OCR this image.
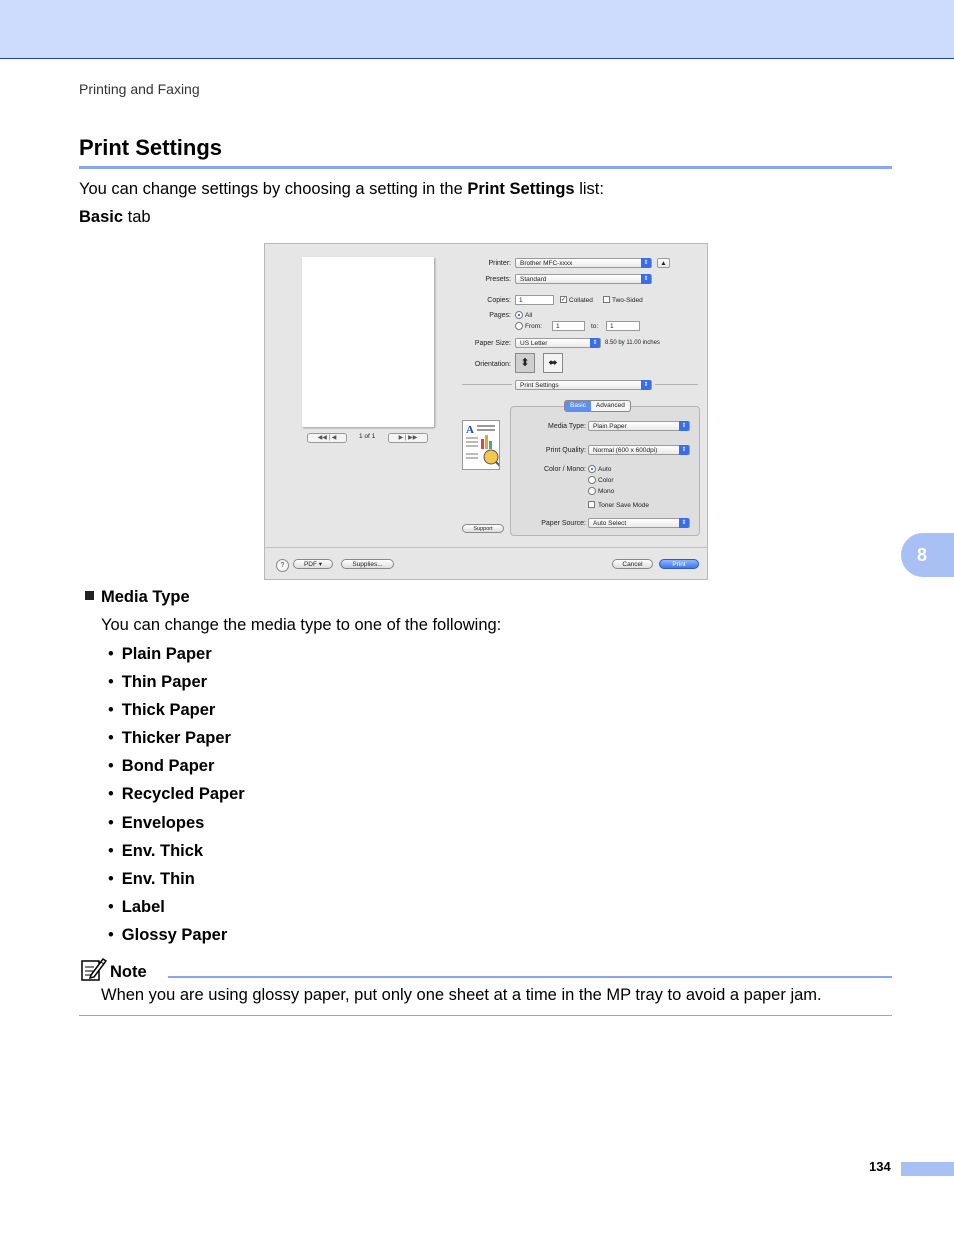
Printing and Faxing
Print Settings
You can change settings by choosing a setting in the Print Settings list:
Basic tab
8
◀◀ | ◀	1 of 1	▶ | ▶▶
Printer:	Brother MFC-xxxx	⇕	▲
Presets:	Standard	⇕
Copies:	1	✓ Collated	Two-Sided
Pages: All
From:	1	to:	1
Paper Size:	US Letter	⇕	8.50 by 11.00 inches
Orientation: ⬍	⬌
Print Settings	⇕
A
Basic	Advanced
Media Type:	Plain Paper	⇕
Print Quality:	Normal (600 x 600dpi)	⇕
Color / Mono: Auto
Color
Mono
Toner Save Mode
Paper Source:	Auto Select	⇕
Support
?	PDF ▾	Supplies...	Cancel	Print
Media Type
You can change the media type to one of the following:
• Plain Paper
• Thin Paper
• Thick Paper
• Thicker Paper
• Bond Paper
• Recycled Paper
• Envelopes
• Env. Thick
• Env. Thin
• Label
• Glossy Paper
Note
When you are using glossy paper, put only one sheet at a time in the MP tray to avoid a paper jam.
134
